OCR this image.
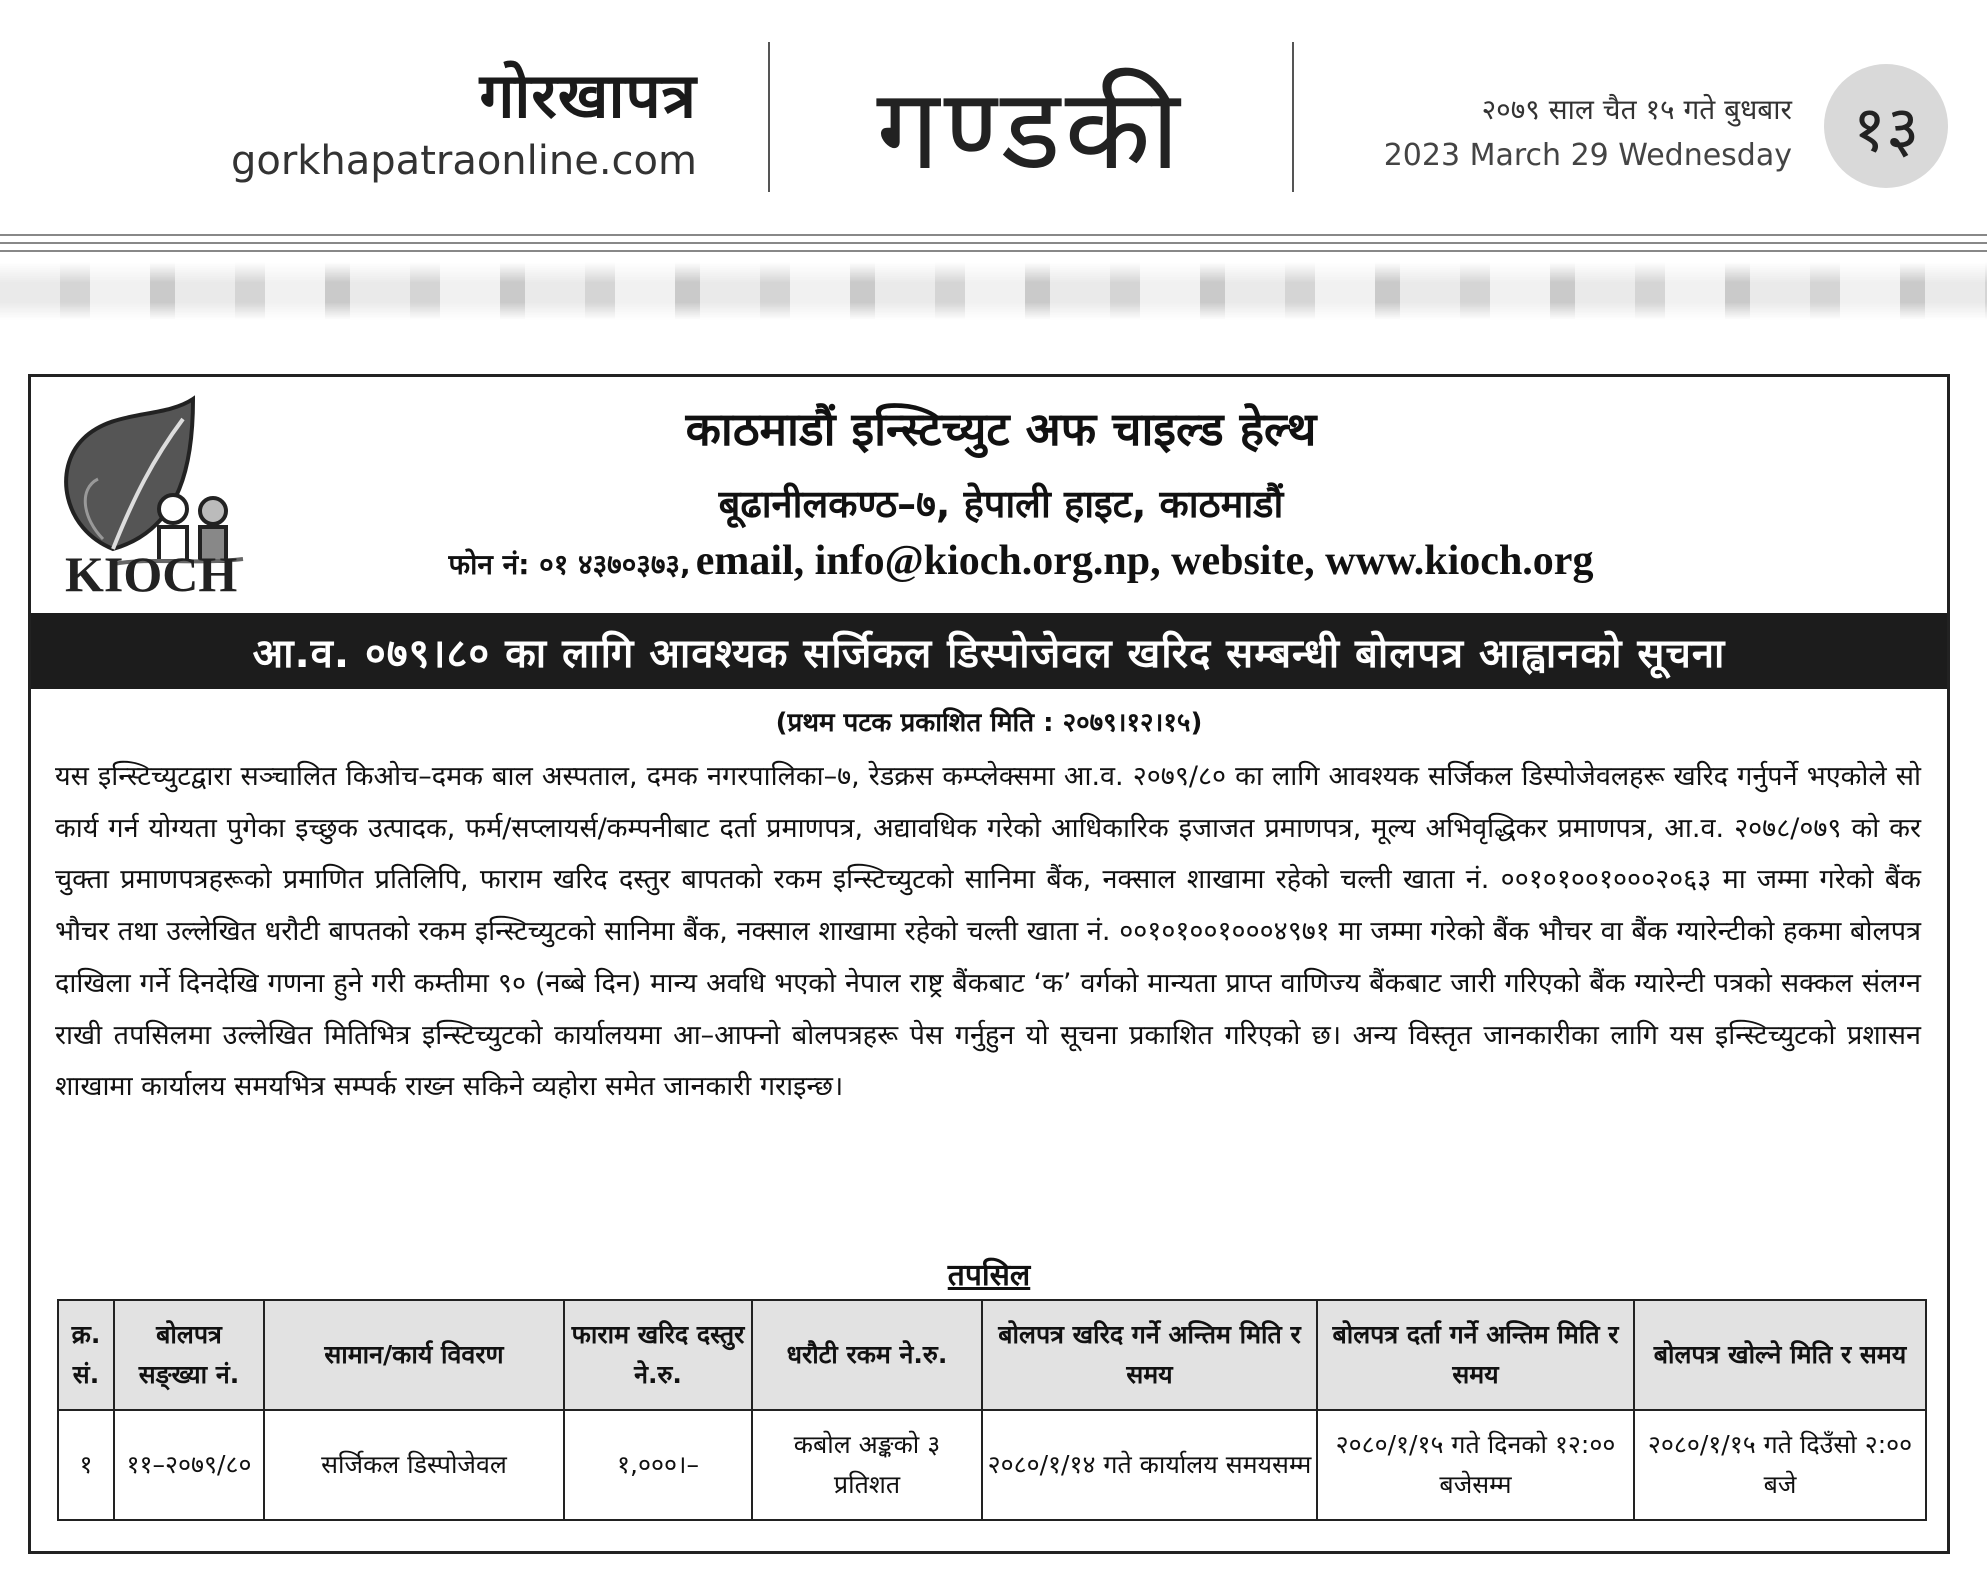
गोरखापत्र
gorkhapatraonline.com	गण्डकी	२०७९ साल चैत १५ गते बुधबार
2023 March 29 Wednesday १३
KIOCH
काठमाडौं इन्स्टिच्युट अफ चाइल्ड हेल्थ
बूढानीलकण्ठ–७, हेपाली हाइट, काठमाडौं
फोन नं: ०१ ४३७०३७३, email, info@kioch.org.np, website, www.kioch.org
आ.व. ०७९।८० का लागि आवश्यक सर्जिकल डिस्पोजेवल खरिद सम्बन्धी बोलपत्र आह्वानको सूचना
(प्रथम पटक प्रकाशित मिति : २०७९।१२।१५)
यस इन्स्टिच्युटद्वारा सञ्चालित किओच–दमक बाल अस्पताल, दमक नगरपालिका–७, रेडक्रस कम्प्लेक्समा आ.व. २०७९/८० का लागि आवश्यक सर्जिकल डिस्पोजेवलहरू खरिद गर्नुपर्ने भएकोले सो कार्य गर्न योग्यता पुगेका इच्छुक उत्पादक, फर्म/सप्लायर्स/कम्पनीबाट दर्ता प्रमाणपत्र, अद्यावधिक गरेको आधिकारिक इजाजत प्रमाणपत्र, मूल्य अभिवृद्धिकर प्रमाणपत्र, आ.व. २०७८/०७९ को कर चुक्ता प्रमाणपत्रहरूको प्रमाणित प्रतिलिपि, फाराम खरिद दस्तुर बापतको रकम इन्स्टिच्युटको सानिमा बैंक, नक्साल शाखामा रहेको चल्ती खाता नं. ००१०१००१०००२०६३ मा जम्मा गरेको बैंक भौचर तथा उल्लेखित धरौटी बापतको रकम इन्स्टिच्युटको सानिमा बैंक, नक्साल शाखामा रहेको चल्ती खाता नं. ००१०१००१०००४९७१ मा जम्मा गरेको बैंक भौचर वा बैंक ग्यारेन्टीको हकमा बोलपत्र दाखिला गर्ने दिनदेखि गणना हुने गरी कम्तीमा ९० (नब्बे दिन) मान्य अवधि भएको नेपाल राष्ट्र बैंकबाट ‘क’ वर्गको मान्यता प्राप्त वाणिज्य बैंकबाट जारी गरिएको बैंक ग्यारेन्टी पत्रको सक्कल संलग्न राखी तपसिलमा उल्लेखित मितिभित्र इन्स्टिच्युटको कार्यालयमा आ–आफ्नो बोलपत्रहरू पेस गर्नुहुन यो सूचना प्रकाशित गरिएको छ। अन्य विस्तृत जानकारीका लागि यस इन्स्टिच्युटको प्रशासन शाखामा कार्यालय समयभित्र सम्पर्क राख्न सकिने व्यहोरा समेत जानकारी गराइन्छ।
तपसिल
क्र. सं.	बोलपत्र सङ्ख्या नं.	सामान/कार्य विवरण	फाराम खरिद दस्तुर ने.रु.	धरौटी रकम ने.रु.	बोलपत्र खरिद गर्ने अन्तिम मिति र समय	बोलपत्र दर्ता गर्ने अन्तिम मिति र समय	बोलपत्र खोल्ने मिति र समय
१	११–२०७९/८०	सर्जिकल डिस्पोजेवल	१,०००।–	कबोल अङ्कको ३ प्रतिशत	२०८०/१/१४ गते कार्यालय समयसम्म	२०८०/१/१५ गते दिनको १२:०० बजेसम्म	२०८०/१/१५ गते दिउँसो २:०० बजे
